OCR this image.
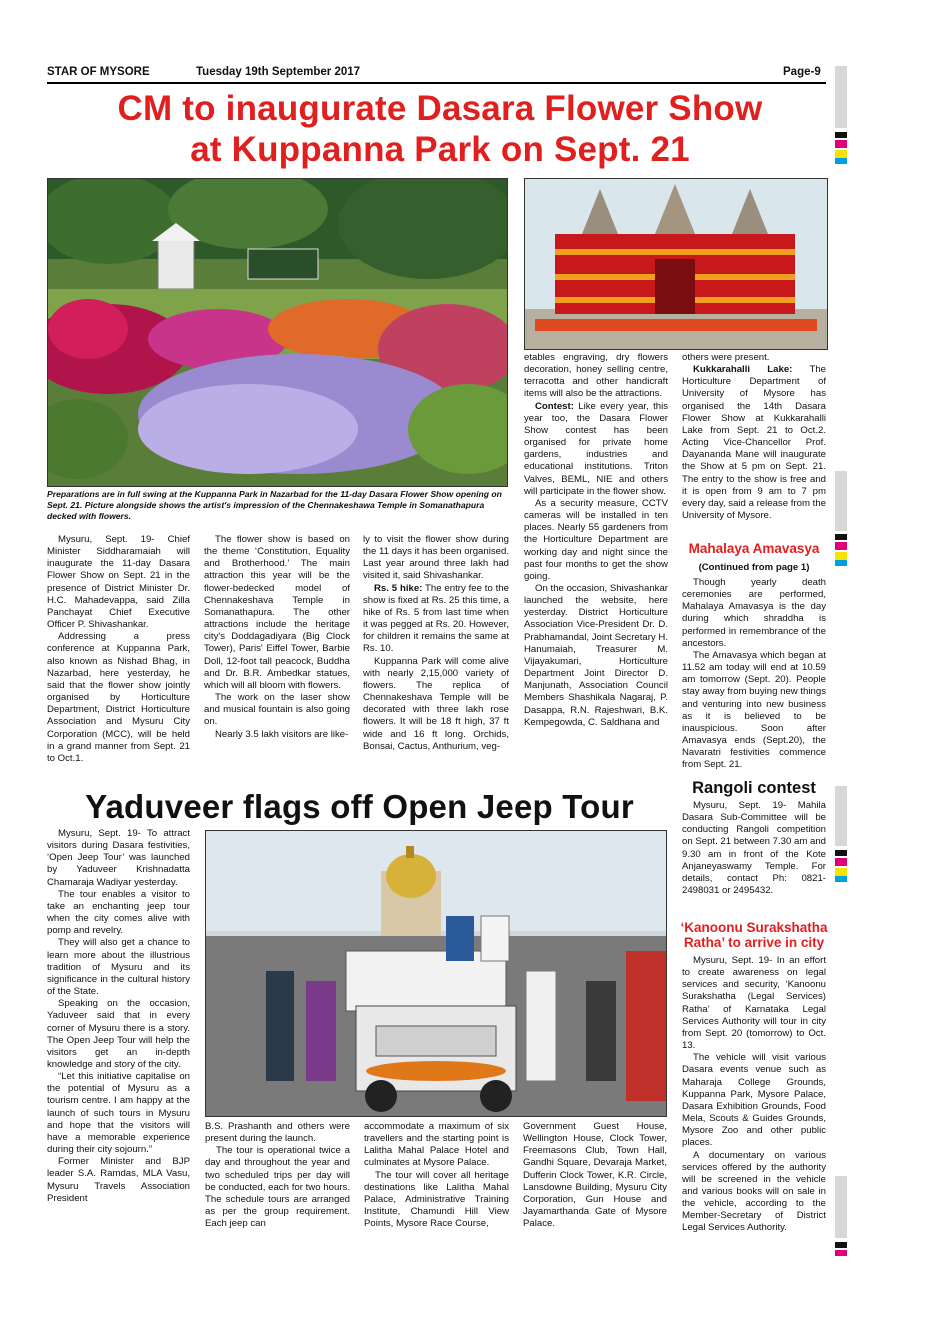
STAR OF MYSORE	Tuesday 19th September 2017	Page-9
CM to inaugurate Dasara Flower Show
at Kuppanna Park on Sept. 21
Preparations are in full swing at the Kuppanna Park in Nazarbad for the 11-day Dasara Flower Show opening on Sept. 21. Picture alongside shows the artist's impression of the Chennakeshawa Temple in Somanathapura decked with flowers.

Mysuru, Sept. 19- Chief Minister Siddharamaiah will inaugurate the 11-day Dasara Flower Show on Sept. 21 in the presence of District Minister Dr. H.C. Mahadevappa, said Zilla Panchayat Chief Executive Officer P. Shivashankar.

Addressing a press conference at Kuppanna Park, also known as Nishad Bhag, in Nazarbad, here yesterday, he said that the flower show jointly organised by Horticulture Department, District Horticulture Association and Mysuru City Corporation (MCC), will be held in a grand manner from Sept. 21 to Oct.1.

The flower show is based on the theme ‘Constitution, Equality and Brotherhood.’ The main attraction this year will be the flower-bedecked model of Chennakeshava Temple in Somanathapura. The other attractions include the heritage city's Doddagadiyara (Big Clock Tower), Paris' Eiffel Tower, Barbie Doll, 12-foot tall peacock, Buddha and Dr. B.R. Ambedkar statues, which will all bloom with flowers.

The work on the laser show and musical fountain is also going on.

Nearly 3.5 lakh visitors are like-

ly to visit the flower show during the 11 days it has been organised. Last year around three lakh had visited it, said Shivashankar.

Rs. 5 hike: The entry fee to the show is fixed at Rs. 25 this time, a hike of Rs. 5 from last time when it was pegged at Rs. 20. However, for children it remains the same at Rs. 10.

Kuppanna Park will come alive with nearly 2,15,000 variety of flowers. The replica of Chennakeshava Temple will be decorated with three lakh rose flowers. It will be 18 ft high, 37 ft wide and 16 ft long. Orchids, Bonsai, Cactus, Anthurium, veg-

etables engraving, dry flowers decoration, honey selling centre, terracotta and other handicraft items will also be the attractions.

Contest: Like every year, this year too, the Dasara Flower Show contest has been organised for private home gardens, industries and educational institutions. Triton Valves, BEML, NIE and others will participate in the flower show.

As a security measure, CCTV cameras will be installed in ten places. Nearly 55 gardeners from the Horticulture Department are working day and night since the past four months to get the show going.

On the occasion, Shivashankar launched the website, here yesterday. District Horticulture Association Vice-President Dr. D. Prabhamandal, Joint Secretary H. Hanumaiah, Treasurer M. Vijayakumari, Horticulture Department Joint Director D. Manjunath, Association Council Members Shashikala Nagaraj, P. Dasappa, R.N. Rajeshwari, B.K. Kempegowda, C. Saldhana and

others were present.

Kukkarahalli Lake: The Horticulture Department of University of Mysore has organised the 14th Dasara Flower Show at Kukkarahalli Lake from Sept. 21 to Oct.2. Acting Vice-Chancellor Prof. Dayananda Mane will inaugurate the Show at 5 pm on Sept. 21. The entry to the show is free and it is open from 9 am to 7 pm every day, said a release from the University of Mysore.

Mahalaya Amavasya
(Continued from page 1)

Though yearly death ceremonies are performed, Mahalaya Amavasya is the day during which shraddha is performed in remembrance of the ancestors.

The Amavasya which began at 11.52 am today will end at 10.59 am tomorrow (Sept. 20). People stay away from buying new things and venturing into new business as it is believed to be inauspicious. Soon after Amavasya ends (Sept.20), the Navaratri festivities commence from Sept. 21.

Yaduveer flags off Open Jeep Tour	Rangoli contest

Mysuru, Sept. 19- Mahila Dasara Sub-Committee will be conducting Rangoli competition on Sept. 21 between 7.30 am and 9.30 am in front of the Kote Anjaneyaswamy Temple. For details, contact Ph: 0821-2498031 or 2495432.

‘Kanoonu Surakshatha
Ratha’ to arrive in city

Mysuru, Sept. 19- In an effort to create awareness on legal services and security, ‘Kanoonu Surakshatha (Legal Services) Ratha’ of Karnataka Legal Services Authority will tour in city from Sept. 20 (tomorrow) to Oct. 13.

The vehicle will visit various Dasara events venue such as Maharaja College Grounds, Kuppanna Park, Mysore Palace, Dasara Exhibition Grounds, Food Mela, Scouts & Guides Grounds, Mysore Zoo and other public places.

A documentary on various services offered by the authority will be screened in the vehicle and various books will on sale in the vehicle, according to the Member-Secretary of District Legal Services Authority.

Mysuru, Sept. 19- To attract visitors during Dasara festivities, ‘Open Jeep Tour’ was launched by Yaduveer Krishnadatta Chamaraja Wadiyar yesterday.

The tour enables a visitor to take an enchanting jeep tour when the city comes alive with pomp and revelry.

They will also get a chance to learn more about the illustrious tradition of Mysuru and its significance in the cultural history of the State.

Speaking on the occasion, Yaduveer said that in every corner of Mysuru there is a story. The Open Jeep Tour will help the visitors get an in-depth knowledge and story of the city.

“Let this initiative capitalise on the potential of Mysuru as a tourism centre. I am happy at the launch of such tours in Mysuru and hope that the visitors will have a memorable experience during their city sojourn.”

Former Minister and BJP leader S.A. Ramdas, MLA Vasu, Mysuru Travels Association President

B.S. Prashanth and others were present during the launch.

The tour is operational twice a day and throughout the year and two scheduled trips per day will be conducted, each for two hours. The schedule tours are arranged as per the group requirement. Each jeep can

accommodate a maximum of six travellers and the starting point is Lalitha Mahal Palace Hotel and culminates at Mysore Palace.

The tour will cover all heritage destinations like Lalitha Mahal Palace, Administrative Training Institute, Chamundi Hill View Points, Mysore Race Course,

Government Guest House, Wellington House, Clock Tower, Freemasons Club, Town Hall, Gandhi Square, Devaraja Market, Dufferin Clock Tower, K.R. Circle, Lansdowne Building, Mysuru City Corporation, Gun House and Jayamarthanda Gate of Mysore Palace.
